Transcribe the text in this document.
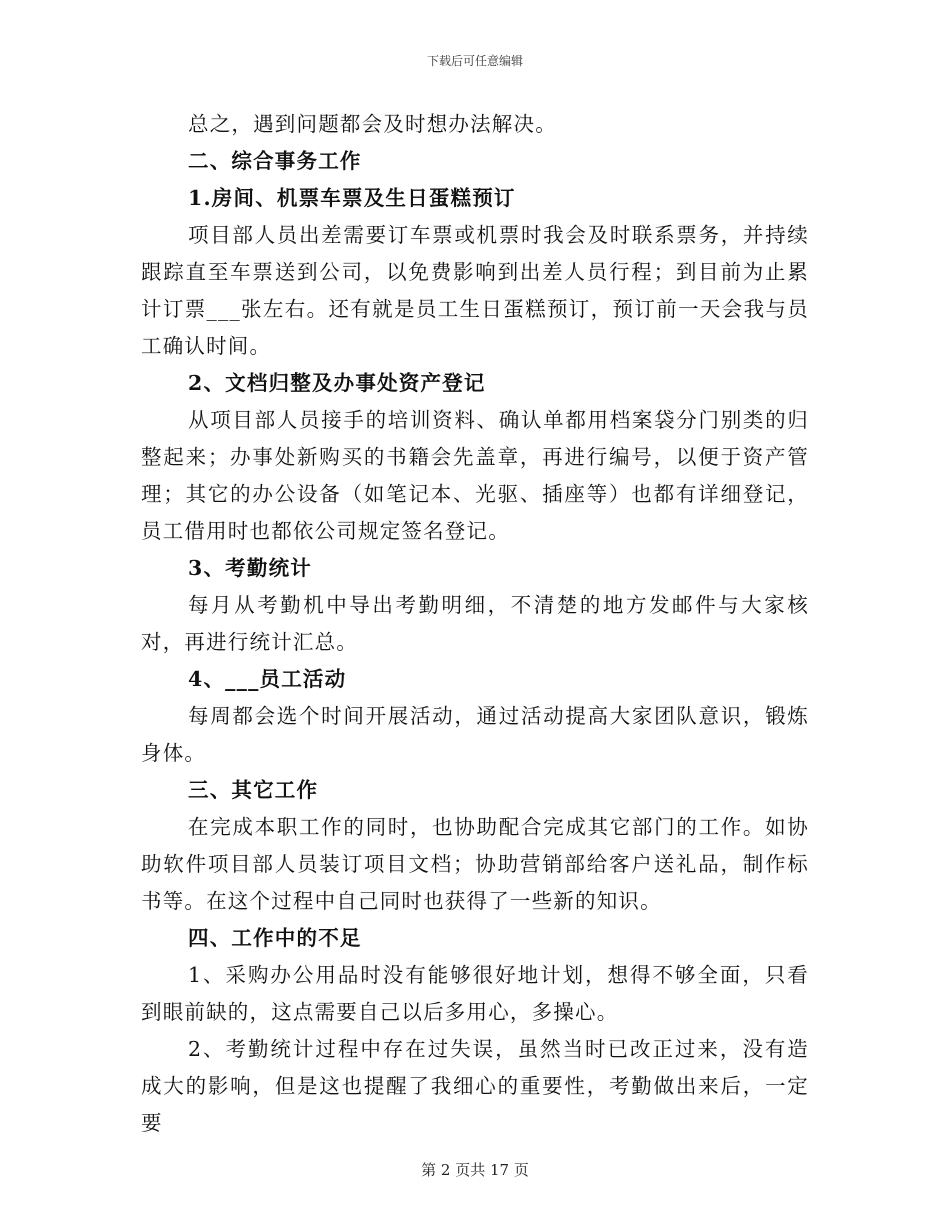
下载后可任意编辑

总之，遇到问题都会及时想办法解决。

二、综合事务工作

1.房间、机票车票及生日蛋糕预订

项目部人员出差需要订车票或机票时我会及时联系票务，并持续跟踪直至车票送到公司，以免费影响到出差人员行程；到目前为止累计订票___张左右。还有就是员工生日蛋糕预订，预订前一天会我与员工确认时间。

2、文档归整及办事处资产登记

从项目部人员接手的培训资料、确认单都用档案袋分门别类的归整起来；办事处新购买的书籍会先盖章，再进行编号，以便于资产管理；其它的办公设备（如笔记本、光驱、插座等）也都有详细登记，员工借用时也都依公司规定签名登记。

3、考勤统计

每月从考勤机中导出考勤明细，不清楚的地方发邮件与大家核对，再进行统计汇总。

4、___员工活动

每周都会选个时间开展活动，通过活动提高大家团队意识，锻炼身体。

三、其它工作

在完成本职工作的同时，也协助配合完成其它部门的工作。如协助软件项目部人员装订项目文档；协助营销部给客户送礼品，制作标书等。在这个过程中自己同时也获得了一些新的知识。

四、工作中的不足

1、采购办公用品时没有能够很好地计划，想得不够全面，只看到眼前缺的，这点需要自己以后多用心，多操心。

2、考勤统计过程中存在过失误，虽然当时已改正过来，没有造成大的影响，但是这也提醒了我细心的重要性，考勤做出来后，一定要

第 2 页共 17 页
